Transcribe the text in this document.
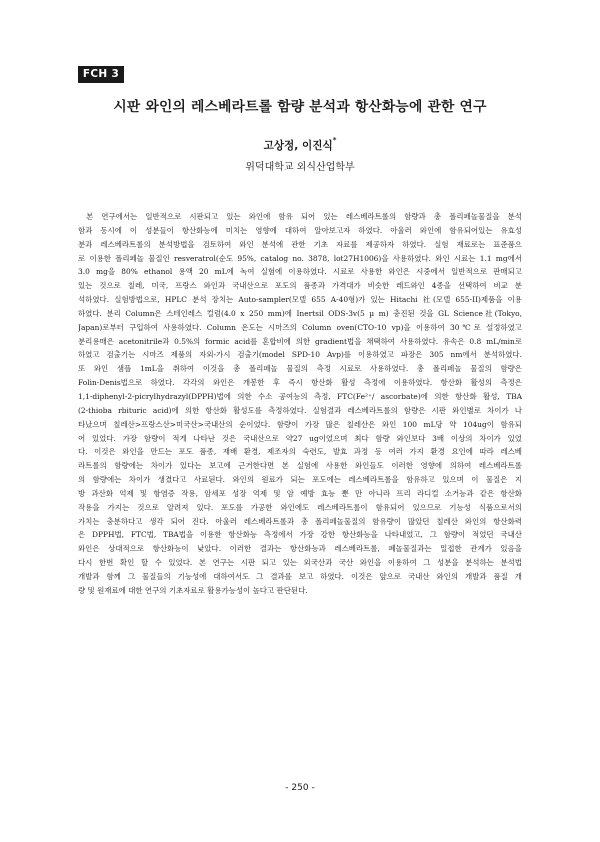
FCH 3
시판 와인의 레스베라트롤 함량 분석과 항산화능에 관한 연구
고상정, 이진식*
위덕대학교 외식산업학부
본 연구에서는 일반적으로 시판되고 있는 와인에 함유 되어 있는 레스베라트롤의 함량과 총 폴리페놀물질을 분석
함과 동시에 이 성분들이 항산화능에 미치는 영향에 대하여 알아보고자 하였다. 아울러 와인에 함유되어있는 유효성
분과 레스베라트롤의 분석방법을 검토하여 와인 분석에 관한 기초 자료를 제공하자 하였다. 실험 재료로는 표준품으
로 이용한 폴리페놀 물질인 resveratrol(순도 95%, catalog no. 3878, lot27H1006)을 사용하였다. 와인 시료는 1.1 mg에서
3.0 mg을 80% ethanol 용액 20 mL에 녹여 실험에 이용하였다. 시료로 사용한 와인은 시중에서 일반적으로 판매되고
있는 것으로 칠레, 미국, 프랑스 와인과 국내산으로 포도의 품종과 가격대가 비슷한 레드와인 4종을 선택하여 비교 분
석하였다. 실험방법으로, HPLC 분석 장치는 Auto-sampler(모델 655 A-40형)가 있는 Hitachi 社(모델 655-II)제품을 이용
하였다. 분리 Column은 스테인레스 컬럼(4.0 x 250 mm)에 Inertsil ODS-3v(5 µ m) 충진된 것을 GL Science社(Tokyo,
Japan)로부터 구입하여 사용하였다. Column 온도는 시마즈의 Column oven(CTO-10 vp)을 이용하여 30℃로 설정하였고
분리용매은 acetonitrile과 0.5%의 formic acid를 혼합비에 의한 gradient법을 채택하여 사용하였다. 유속은 0.8 mL/min로
하였고 검출기는 시마즈 제품의 자외-가시 검출기(model SPD-10 Avp)를 이용하였고 파장은 305 nm에서 분석하였다.
또 와인 샘플 1mL을 취하여 이것을 총 폴리페놀 물질의 측정 시료로 사용하였다. 총 폴리페놀 물질의 함량은
Folin-Denis법으로 하였다. 각각의 와인은 개봉한 후 즉시 항산화 활성 측정에 이용하였다. 항산화 활성의 측정은
1,1-diphenyl-2-picrylhydrazyl(DPPH)법에 의한 수소 공여능의 측정, FTC(Fe²⁺/ ascorbate)에 의한 항산화 활성, TBA
(2-thioba rbituric acid)에 의한 항산화 활성도를 측정하였다. 실험결과 레스베라트롤의 함량은 시판 와인별로 차이가 나
타났으며 칠레산>프랑스산>미국산>국내산의 순이었다. 함량이 가장 많은 칠레산은 와인 100 mL당 약 104ug이 함유되
어 있었다. 가장 함량이 적게 나타난 것은 국내산으로 약27 ug이었으며 최다 함량 와인보다 3배 이상의 차이가 있었
다. 이것은 와인을 만드는 포도 품종, 재배 환경, 제조자의 숙련도, 발효 과정 등 여러 가지 환경 요인에 따라 레스베
라트롤의 함량에는 차이가 있다는 보고에 근거한다면 본 실험에 사용한 와인들도 이러한 영향에 의하여 레스베라트롤
의 함량에는 차이가 생겼다고 사료된다. 와인의 원료가 되는 포도에는 레스베라트롤을 함유하고 있으며 이 물질은 지
방 과산화 억제 및 항염증 작용, 암세포 성장 억제 및 암 예방 효능 뿐 만 아니라 프리 라디컬 소거능과 같은 항산화
작용을 가지는 것으로 알려져 있다. 포도를 가공한 와인에도 레스베라트롤이 함유되어 있으므로 기능성 식품으로서의
가치는 충분하다고 생각 되어 진다. 아울러 레스베라트롤과 총 폴리페놀물질의 함유량이 많았던 칠레산 와인의 항산화력
은 DPPH법, FTC법, TBA법을 이용한 항산화능 측정에서 가장 강한 항산화능을 나타내었고, 그 함량이 적었던 국내산
와인은 상대적으로 항산화능이 낮았다. 이러한 결과는 항산화능과 레스베라트롤, 폐놀물질과는 밀접한 관계가 있음을
다시 한번 확인 할 수 있었다. 본 연구는 시판 되고 있는 외국산과 국산 와인을 이용하여 그 성분을 분석하는 분석법
개발과 함께 그 물질들의 기능성에 대하여서도 그 결과를 보고 하였다. 이것은 앞으로 국내산 와인의 개발과 품질 개
량 및 원재료에 대한 연구의 기초자료로 활용가능성이 높다고 판단된다.
- 250 -
